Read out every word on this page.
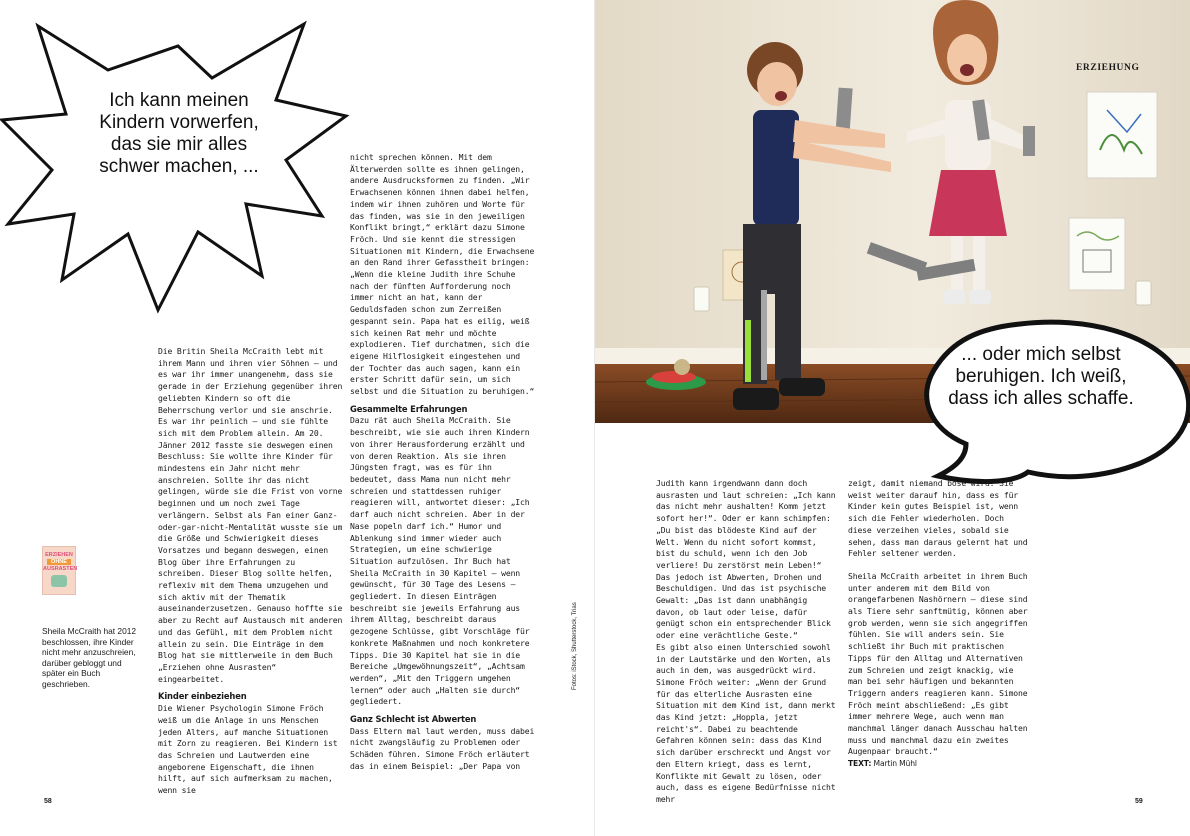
ERZIEHUNG
Ich kann meinen Kindern vorwerfen, das sie mir alles schwer machen, ...
... oder mich selbst beruhigen. Ich weiß, dass ich alles schaffe.
ERZIEHEN
OHNE
AUSRASTEN
Sheila McCraith hat 2012 beschlossen, ihre Kinder nicht mehr anzuschreien, darüber gebloggt und später ein Buch geschrieben.

Die Britin Sheila McCraith lebt mit ihrem Mann und ihren vier Söhnen – und es war ihr immer unangenehm, dass sie gerade in der Erziehung gegenüber ihren geliebten Kindern so oft die Beherrschung verlor und sie anschrie. Es war ihr peinlich – und sie fühlte sich mit dem Problem allein. Am 20. Jänner 2012 fasste sie deswegen einen Beschluss: Sie wollte ihre Kinder für mindestens ein Jahr nicht mehr anschreien. Sollte ihr das nicht gelingen, würde sie die Frist von vorne beginnen und um noch zwei Tage verlängern. Selbst als Fan einer Ganz-oder-gar-nicht-Mentalität wusste sie um die Größe und Schwierigkeit dieses Vorsatzes und begann deswegen, einen Blog über ihre Erfahrungen zu schreiben. Dieser Blog sollte helfen, reflexiv mit dem Thema umzugehen und sich aktiv mit der Thematik auseinanderzusetzen. Genauso hoffte sie aber zu Recht auf Austausch mit anderen und das Gefühl, mit dem Problem nicht allein zu sein. Die Einträge in dem Blog hat sie mittlerweile in dem Buch „Erziehen ohne Ausrasten“ eingearbeitet.

Kinder einbeziehen

Die Wiener Psychologin Simone Fröch weiß um die Anlage in uns Menschen jeden Alters, auf manche Situationen mit Zorn zu reagieren. Bei Kindern ist das Schreien und Lautwerden eine angeborene Eigenschaft, die ihnen hilft, auf sich aufmerksam zu machen, wenn sie

nicht sprechen können. Mit dem Älterwerden sollte es ihnen gelingen, andere Ausdrucksformen zu finden. „Wir Erwachsenen können ihnen dabei helfen, indem wir ihnen zuhören und Worte für das finden, was sie in den jeweiligen Konflikt bringt,“ erklärt dazu Simone Fröch. Und sie kennt die stressigen Situationen mit Kindern, die Erwachsene an den Rand ihrer Gefasstheit bringen: „Wenn die kleine Judith ihre Schuhe nach der fünften Aufforderung noch immer nicht an hat, kann der Geduldsfaden schon zum Zerreißen gespannt sein. Papa hat es eilig, weiß sich keinen Rat mehr und möchte explodieren. Tief durchatmen, sich die eigene Hilflosigkeit eingestehen und der Tochter das auch sagen, kann ein erster Schritt dafür sein, um sich selbst und die Situation zu beruhigen.“

Gesammelte Erfahrungen

Dazu rät auch Sheila McCraith. Sie beschreibt, wie sie auch ihren Kindern von ihrer Herausforderung erzählt und von deren Reaktion. Als sie ihren Jüngsten fragt, was es für ihn bedeutet, dass Mama nun nicht mehr schreien und stattdessen ruhiger reagieren will, antwortet dieser: „Ich darf auch nicht schreien. Aber in der Nase popeln darf ich.“ Humor und Ablenkung sind immer wieder auch Strategien, um eine schwierige Situation aufzulösen. Ihr Buch hat Sheila McCraith in 30 Kapitel – wenn gewünscht, für 30 Tage des Lesens – gegliedert. In diesen Einträgen beschreibt sie jeweils Erfahrung aus ihrem Alltag, beschreibt daraus gezogene Schlüsse, gibt Vorschläge für konkrete Maßnahmen und noch konkretere Tipps. Die 30 Kapitel hat sie in die Bereiche „Umgewöhnungszeit“, „Achtsam werden“, „Mit den Triggern umgehen lernen“ oder auch „Halten sie durch“ gegliedert.

Ganz Schlecht ist Abwerten

Dass Eltern mal laut werden, muss dabei nicht zwangsläufig zu Problemen oder Schäden führen. Simone Fröch erläutert das in einem Beispiel: „Der Papa von

Fotos: iStock, Shutterstock, Trias

Judith kann irgendwann dann doch ausrasten und laut schreien: „Ich kann das nicht mehr aushalten! Komm jetzt sofort her!“. Oder er kann schimpfen: „Du bist das blödeste Kind auf der Welt. Wenn du nicht sofort kommst, bist du schuld, wenn ich den Job verliere! Du zerstörst mein Leben!“ Das jedoch ist Abwerten, Drohen und Beschuldigen. Und das ist psychische Gewalt: „Das ist dann unabhängig davon, ob laut oder leise, dafür genügt schon ein entsprechender Blick oder eine verächtliche Geste.“

Es gibt also einen Unterschied sowohl in der Lautstärke und den Worten, als auch in dem, was ausgedrückt wird. Simone Fröch weiter: „Wenn der Grund für das elterliche Ausrasten eine Situation mit dem Kind ist, dann merkt das Kind jetzt: „Hoppla, jetzt reicht's“. Dabei zu beachtende Gefahren können sein: dass das Kind sich darüber erschreckt und Angst vor den Eltern kriegt, dass es lernt, Konflikte mit Gewalt zu lösen, oder auch, dass es eigene Bedürfnisse nicht mehr

zeigt, damit niemand böse wird. Sie weist weiter darauf hin, dass es für Kinder kein gutes Beispiel ist, wenn sich die Fehler wiederholen. Doch diese verzeihen vieles, sobald sie sehen, dass man daraus gelernt hat und Fehler seltener werden.

Sheila McCraith arbeitet in ihrem Buch unter anderem mit dem Bild von orangefarbenen Nashörnern – diese sind als Tiere sehr sanftmütig, können aber grob werden, wenn sie sich angegriffen fühlen. Sie will anders sein. Sie schließt ihr Buch mit praktischen Tipps für den Alltag und Alternativen zum Schreien und zeigt knackig, wie man bei sehr häufigen und bekannten Triggern anders reagieren kann. Simone Fröch meint abschließend: „Es gibt immer mehrere Wege, auch wenn man manchmal länger danach Ausschau halten muss und manchmal dazu ein zweites Augenpaar braucht.“

TEXT: Martin Mühl

58	59
